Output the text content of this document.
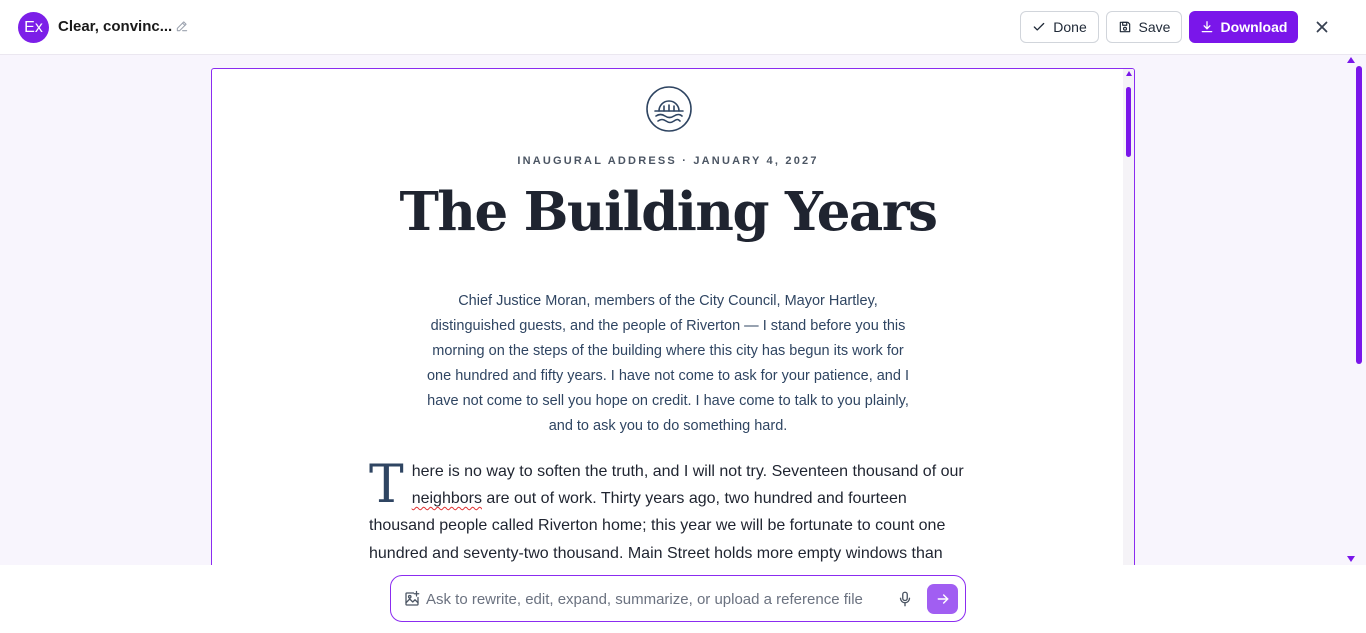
Ex	Clear, convinc...	Done	Save	Download
INAUGURAL ADDRESS · JANUARY 4, 2027
The Building Years
Chief Justice Moran, members of the City Council, Mayor Hartley, distinguished guests, and the people of Riverton — I stand before you this morning on the steps of the building where this city has begun its work for one hundred and fifty years. I have not come to ask for your patience, and I have not come to sell you hope on credit. I have come to talk to you plainly, and to ask you to do something hard.
There is no way to soften the truth, and I will not try. Seventeen thousand of our neighbors are out of work. Thirty years ago, two hundred and fourteen thousand people called Riverton home; this year we will be fortunate to count one hundred and seventy-two thousand. Main Street holds more empty windows than
Ask to rewrite, edit, expand, summarize, or upload a reference file
